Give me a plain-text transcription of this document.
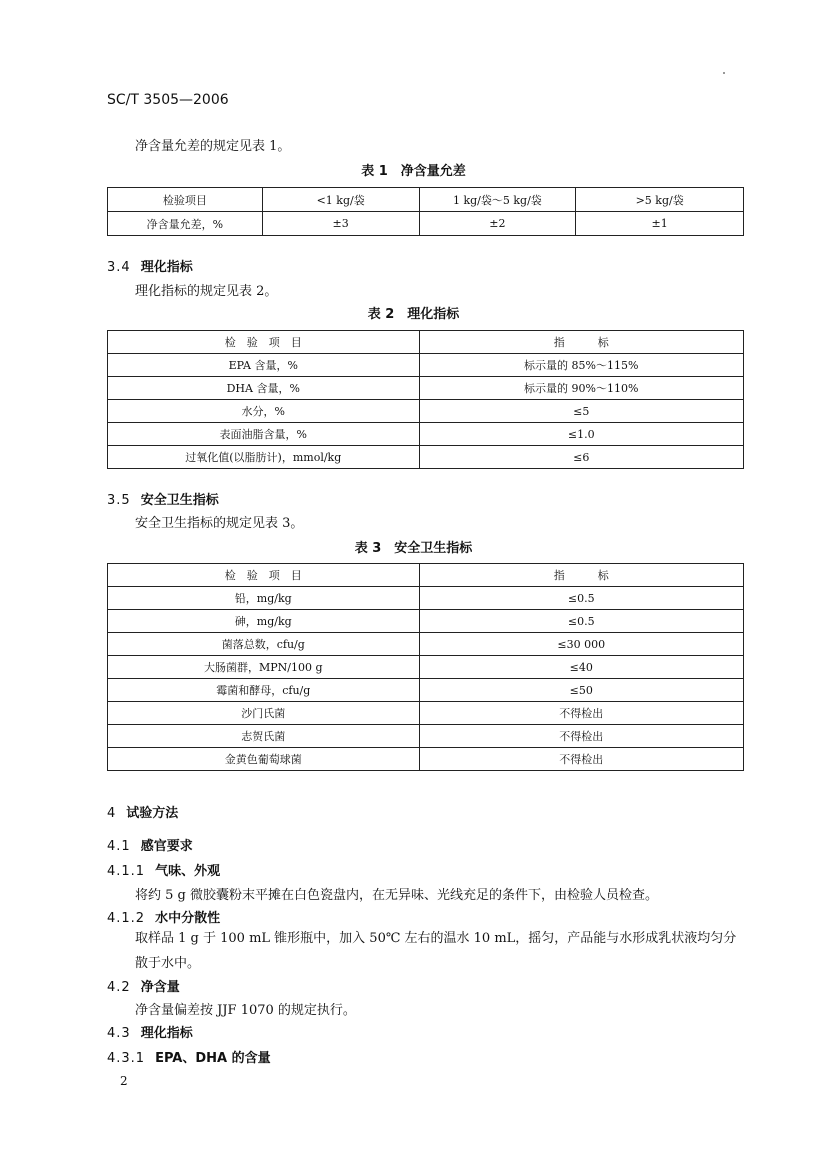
SC/T 3505—2006
净含量允差的规定见表 1。
表 1　净含量允差
检验项目	<1 kg/袋	1 kg/袋～5 kg/袋	>5 kg/袋
净含量允差，%	±3	±2	±1
3.4 理化指标
理化指标的规定见表 2。
表 2　理化指标
检　验　项　目	指　　　标
EPA 含量，%	标示量的 85%～115%
DHA 含量，%	标示量的 90%～110%
水分，%	≤5
表面油脂含量，%	≤1.0
过氧化值(以脂肪计)，mmol/kg	≤6
3.5 安全卫生指标
安全卫生指标的规定见表 3。
表 3　安全卫生指标
检　验　项　目	指　　　标
铅，mg/kg	≤0.5
砷，mg/kg	≤0.5
菌落总数，cfu/g	≤30 000
大肠菌群，MPN/100 g	≤40
霉菌和酵母，cfu/g	≤50
沙门氏菌	不得检出
志贺氏菌	不得检出
金黄色葡萄球菌	不得检出
4 试验方法
4.1 感官要求
4.1.1 气味、外观
将约 5 g 微胶囊粉末平摊在白色瓷盘内，在无异味、光线充足的条件下，由检验人员检查。
4.1.2 水中分散性
取样品 1 g 于 100 mL 锥形瓶中，加入 50℃ 左右的温水 10 mL，摇匀，产品能与水形成乳状液均匀分散于水中。
4.2 净含量
净含量偏差按 JJF 1070 的规定执行。
4.3 理化指标
4.3.1 EPA、DHA 的含量
2
